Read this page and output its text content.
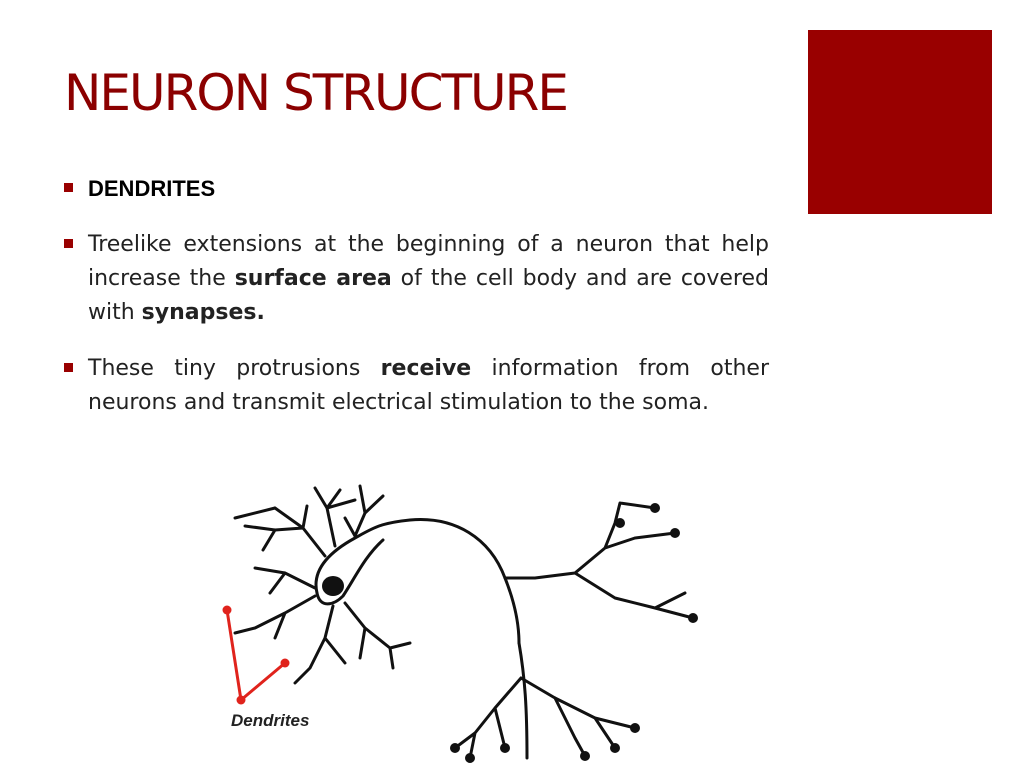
NEURON STRUCTURE
DENDRITES
Treelike extensions at the beginning of a neuron that help increase the surface area of the cell body and are covered with synapses.
These tiny protrusions receive information from other neurons and transmit electrical stimulation to the soma.
Dendrites
